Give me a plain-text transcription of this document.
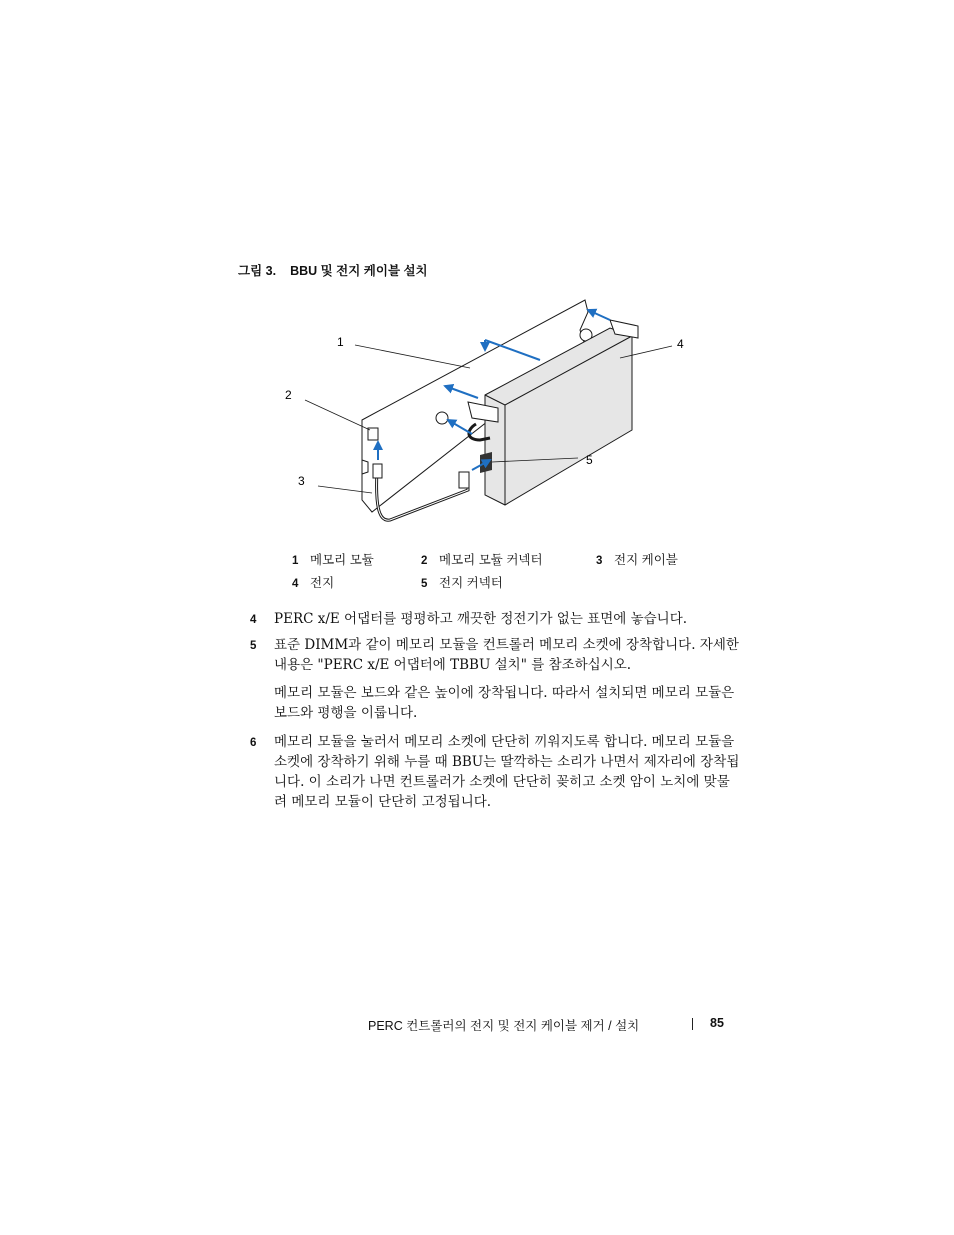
그림 3. BBU 및 전지 케이블 설치
1
2
3
4
5
1 메모리 모듈	2 메모리 모듈 커넥터	3 전지 케이블
4 전지	5 전지 커넥터
4 PERC x/E 어댑터를 평평하고 깨끗한 정전기가 없는 표면에 놓습니다.

5 표준 DIMM과 같이 메모리 모듈을 컨트롤러 메모리 소켓에 장착합니다. 자세한 내용은 "PERC x/E 어댑터에 TBBU 설치" 를 참조하십시오.

메모리 모듈은 보드와 같은 높이에 장착됩니다. 따라서 설치되면 메모리 모듈은 보드와 평행을 이룹니다.

6 메모리 모듈을 눌러서 메모리 소켓에 단단히 끼워지도록 합니다. 메모리 모듈을 소켓에 장착하기 위해 누를 때 BBU는 딸깍하는 소리가 나면서 제자리에 장착됩니다. 이 소리가 나면 컨트롤러가 소켓에 단단히 꽂히고 소켓 암이 노치에 맞물려 메모리 모듈이 단단히 고정됩니다.

PERC 컨트롤러의 전지 및 전지 케이블 제거 / 설치	85
